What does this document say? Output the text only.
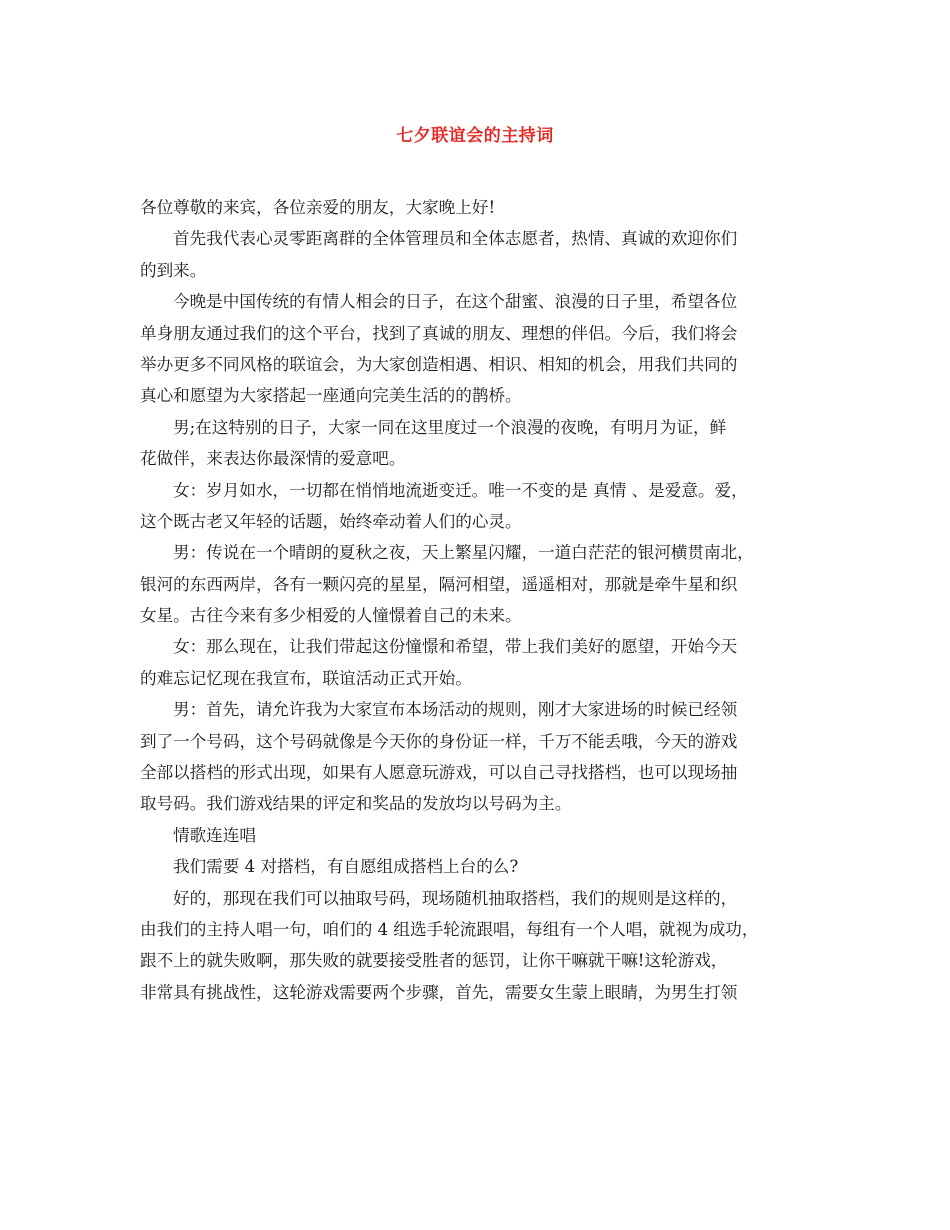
七夕联谊会的主持词
各位尊敬的来宾，各位亲爱的朋友，大家晚上好!
首先我代表心灵零距离群的全体管理员和全体志愿者，热情、真诚的欢迎你们
的到来。
今晚是中国传统的有情人相会的日子，在这个甜蜜、浪漫的日子里，希望各位
单身朋友通过我们的这个平台，找到了真诚的朋友、理想的伴侣。今后，我们将会
举办更多不同风格的联谊会，为大家创造相遇、相识、相知的机会，用我们共同的
真心和愿望为大家搭起一座通向完美生活的的鹊桥。
男;在这特别的日子，大家一同在这里度过一个浪漫的夜晚，有明月为证，鲜
花做伴，来表达你最深情的爱意吧。
女：岁月如水，一切都在悄悄地流逝变迁。唯一不变的是 真情 、是爱意。爱，
这个既古老又年轻的话题，始终牵动着人们的心灵。
男：传说在一个晴朗的夏秋之夜，天上繁星闪耀，一道白茫茫的银河横贯南北，
银河的东西两岸，各有一颗闪亮的星星，隔河相望，遥遥相对，那就是牵牛星和织
女星。古往今来有多少相爱的人憧憬着自己的未来。
女：那么现在，让我们带起这份憧憬和希望，带上我们美好的愿望，开始今天
的难忘记忆现在我宣布，联谊活动正式开始。
男：首先，请允许我为大家宣布本场活动的规则，刚才大家进场的时候已经领
到了一个号码，这个号码就像是今天你的身份证一样，千万不能丢哦，今天的游戏
全部以搭档的形式出现，如果有人愿意玩游戏，可以自己寻找搭档，也可以现场抽
取号码。我们游戏结果的评定和奖品的发放均以号码为主。
情歌连连唱
我们需要 4 对搭档，有自愿组成搭档上台的么?
好的，那现在我们可以抽取号码，现场随机抽取搭档，我们的规则是这样的，
由我们的主持人唱一句，咱们的 4 组选手轮流跟唱，每组有一个人唱，就视为成功，
跟不上的就失败啊，那失败的就要接受胜者的惩罚，让你干嘛就干嘛!这轮游戏，
非常具有挑战性，这轮游戏需要两个步骤，首先，需要女生蒙上眼睛，为男生打领
